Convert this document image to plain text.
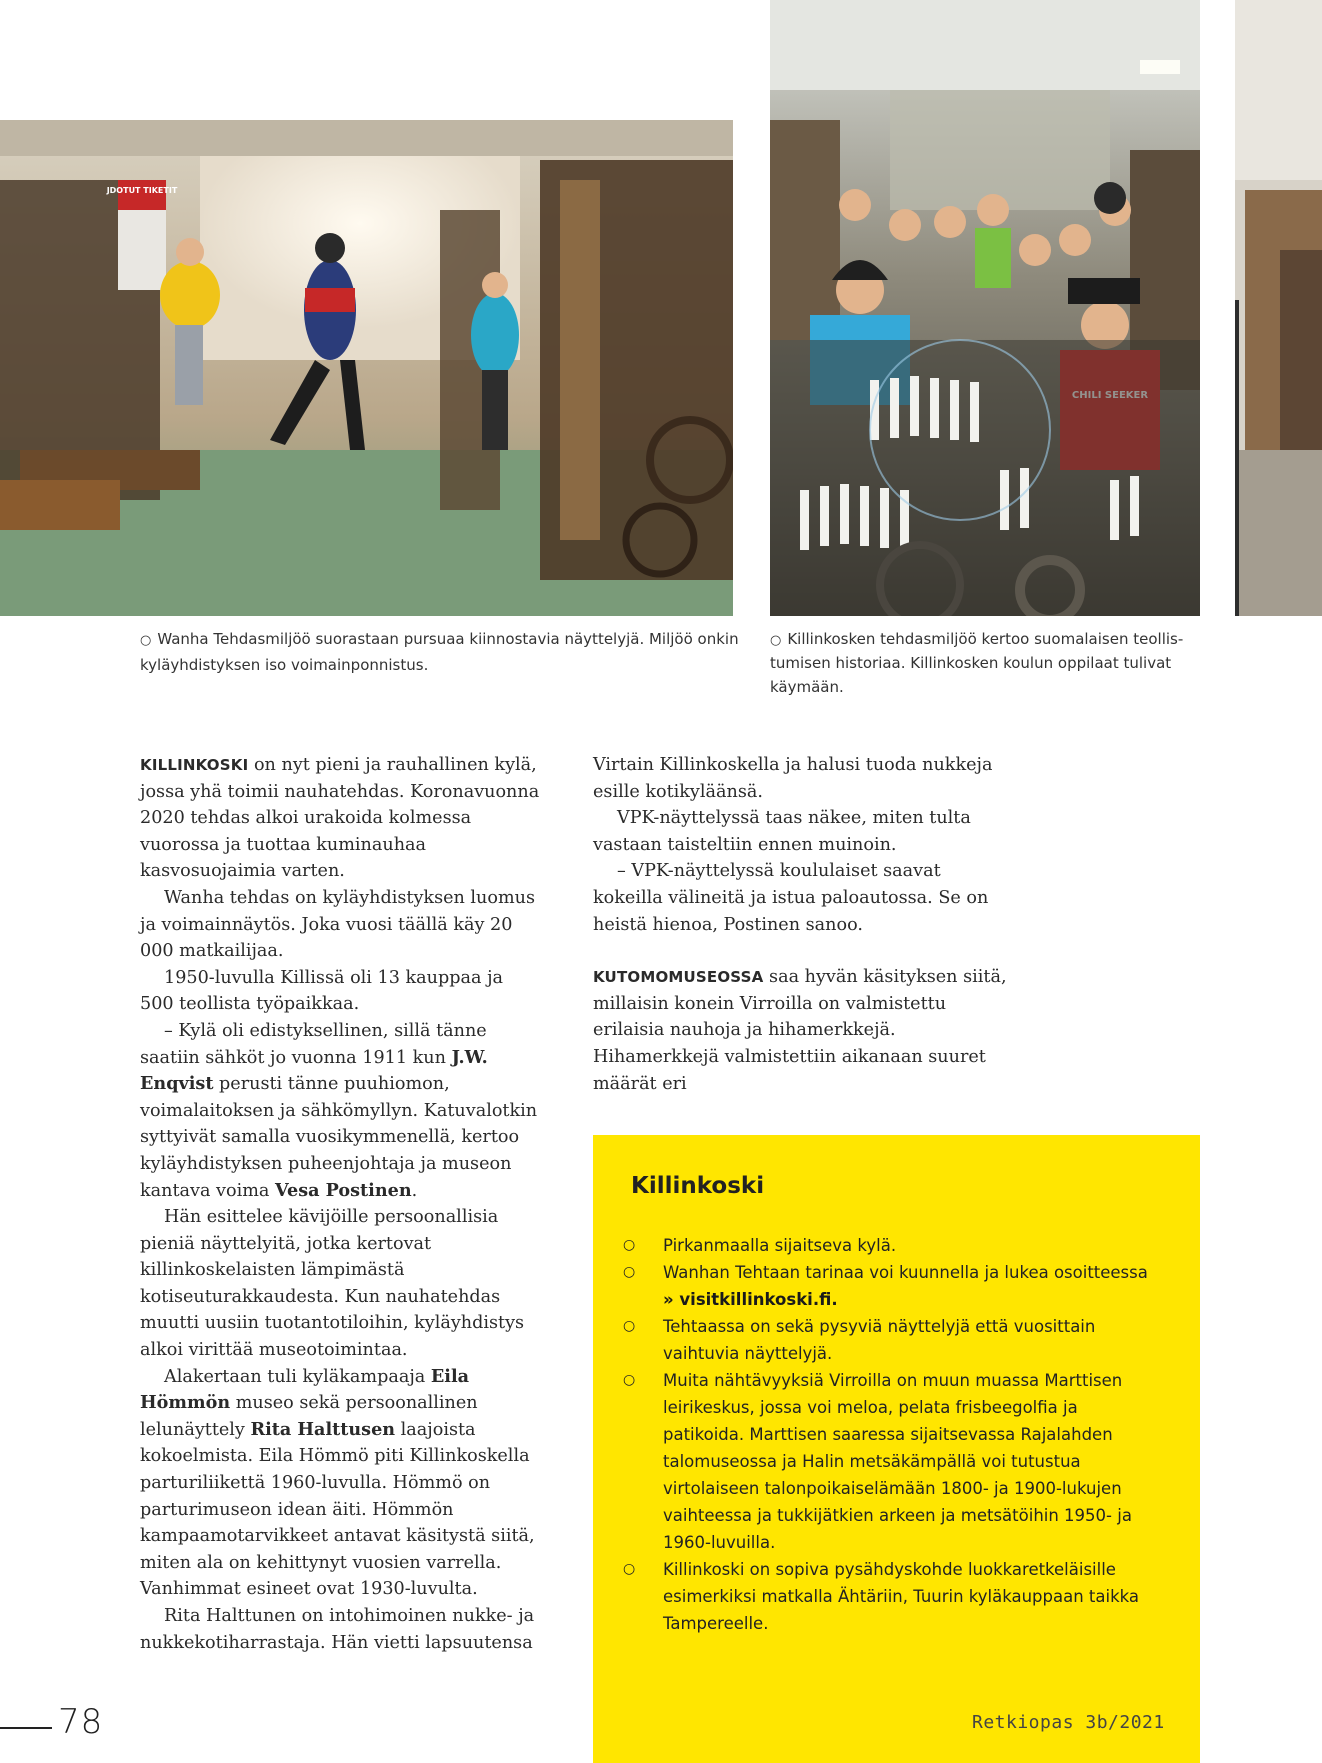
JDOTUT TIKETIT
○ Wanha Tehdasmiljöö suorastaan pursuaa kiinnostavia näyttelyjä. Miljöö onkin kyläyhdistyksen iso voimainponnistus.
○ Killinkosken tehdasmiljöö kertoo suomalaisen teollis-
tumisen historiaa. Killinkosken koulun oppilaat tulivat käymään.

KILLINKOSKI on nyt pieni ja rauhallinen kylä, jossa yhä toimii nauhatehdas. Koronavuonna 2020 tehdas alkoi urakoida kolmessa vuorossa ja tuottaa kuminauhaa kasvosuojaimia varten.

Wanha tehdas on kyläyhdistyksen luomus ja voimainnäytös. Joka vuosi täällä käy 20 000 matkailijaa.

1950-luvulla Killissä oli 13 kauppaa ja 500 teollista työpaikkaa.

– Kylä oli edistyksellinen, sillä tänne saatiin sähköt jo vuonna 1911 kun J.W. Enqvist perusti tänne puuhiomon, voimalaitoksen ja sähkömyllyn. Katuvalotkin syttyivät samalla vuosikymmenellä, kertoo kyläyhdistyksen puheenjohtaja ja museon kantava voima Vesa Postinen.

Hän esittelee kävijöille persoonallisia pieniä näyttelyitä, jotka kertovat killinkoskelaisten lämpimästä kotiseuturakkaudesta. Kun nauhatehdas muutti uusiin tuotantotiloihin, kyläyhdistys alkoi virittää museotoimintaa.

Alakertaan tuli kyläkampaaja Eila Hömmön museo sekä persoonallinen lelunäyttely Rita Halttusen laajoista kokoelmista. Eila Hömmö piti Killinkoskella parturiliikettä 1960-luvulla. Hömmö on parturimuseon idean äiti. Hömmön kampaamotarvikkeet antavat käsitystä siitä, miten ala on kehittynyt vuosien varrella. Vanhimmat esineet ovat 1930-luvulta.

Rita Halttunen on intohimoinen nukke- ja nukkekotiharrastaja. Hän vietti lapsuutensa

Virtain Killinkoskella ja halusi tuoda nukkeja esille kotikyläänsä.

VPK-näyttelyssä taas näkee, miten tulta vastaan taisteltiin ennen muinoin.

– VPK-näyttelyssä koululaiset saavat kokeilla välineitä ja istua paloautossa. Se on heistä hienoa, Postinen sanoo.

KUTOMOMUSEOSSA saa hyvän käsityksen siitä, millaisin konein Virroilla on valmistettu erilaisia nauhoja ja hihamerkkejä. Hihamerkkejä valmistettiin aikanaan suuret määrät eri

Killinkoski
○ Pirkanmaalla sijaitseva kylä.
○ Wanhan Tehtaan tarinaa voi kuunnella ja lukea osoitteessa » visitkillinkoski.fi.
○ Tehtaassa on sekä pysyviä näyttelyjä että vuosittain vaihtuvia näyttelyjä.
○ Muita nähtävyyksiä Virroilla on muun muassa Marttisen leirikeskus, jossa voi meloa, pelata frisbeegolfia ja patikoida. Marttisen saaressa sijaitsevassa Rajalahden talomuseossa ja Halin metsäkämpällä voi tutustua virtolaiseen talonpoikaiselämään 1800- ja 1900-lukujen vaihteessa ja tukkijätkien arkeen ja metsätöihin 1950- ja 1960-luvuilla.
○ Killinkoski on sopiva pysähdyskohde luokkaretkeläisille esimerkiksi matkalla Ähtäriin, Tuurin kyläkauppaan taikka Tampereelle.
78	Retkiopas 3b/2021
